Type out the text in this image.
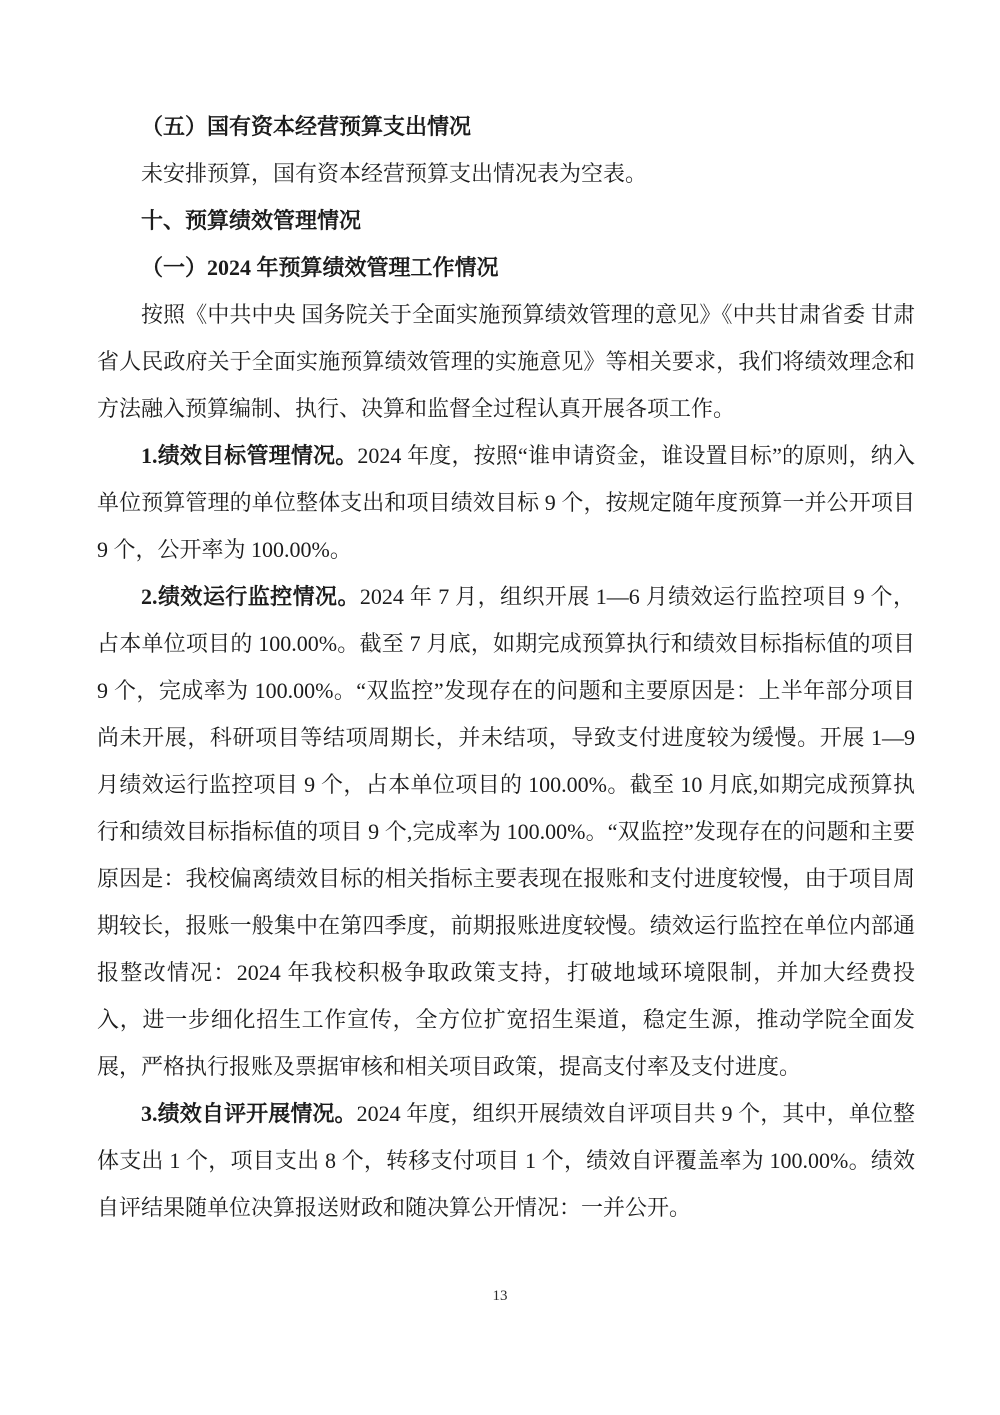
（五）国有资本经营预算支出情况

未安排预算，国有资本经营预算支出情况表为空表。

十、预算绩效管理情况

（一）2024 年预算绩效管理工作情况

按照《中共中央 国务院关于全面实施预算绩效管理的意见》《中共甘肃省委 甘肃省人民政府关于全面实施预算绩效管理的实施意见》等相关要求，我们将绩效理念和方法融入预算编制、执行、决算和监督全过程认真开展各项工作。

1.绩效目标管理情况。2024 年度，按照“谁申请资金，谁设置目标”的原则，纳入单位预算管理的单位整体支出和项目绩效目标 9 个，按规定随年度预算一并公开项目 9 个，公开率为 100.00%。

2.绩效运行监控情况。2024 年 7 月，组织开展 1—6 月绩效运行监控项目 9 个，占本单位项目的 100.00%。截至 7 月底，如期完成预算执行和绩效目标指标值的项目 9 个，完成率为 100.00%。“双监控”发现存在的问题和主要原因是：上半年部分项目尚未开展，科研项目等结项周期长，并未结项，导致支付进度较为缓慢。开展 1—9 月绩效运行监控项目 9 个，占本单位项目的 100.00%。截至 10 月底,如期完成预算执行和绩效目标指标值的项目 9 个,完成率为 100.00%。“双监控”发现存在的问题和主要原因是：我校偏离绩效目标的相关指标主要表现在报账和支付进度较慢，由于项目周期较长，报账一般集中在第四季度，前期报账进度较慢。绩效运行监控在单位内部通报整改情况：2024 年我校积极争取政策支持，打破地域环境限制，并加大经费投入，进一步细化招生工作宣传，全方位扩宽招生渠道，稳定生源，推动学院全面发展，严格执行报账及票据审核和相关项目政策，提高支付率及支付进度。

3.绩效自评开展情况。2024 年度，组织开展绩效自评项目共 9 个，其中，单位整体支出 1 个，项目支出 8 个，转移支付项目 1 个，绩效自评覆盖率为 100.00%。绩效自评结果随单位决算报送财政和随决算公开情况：一并公开。

13
